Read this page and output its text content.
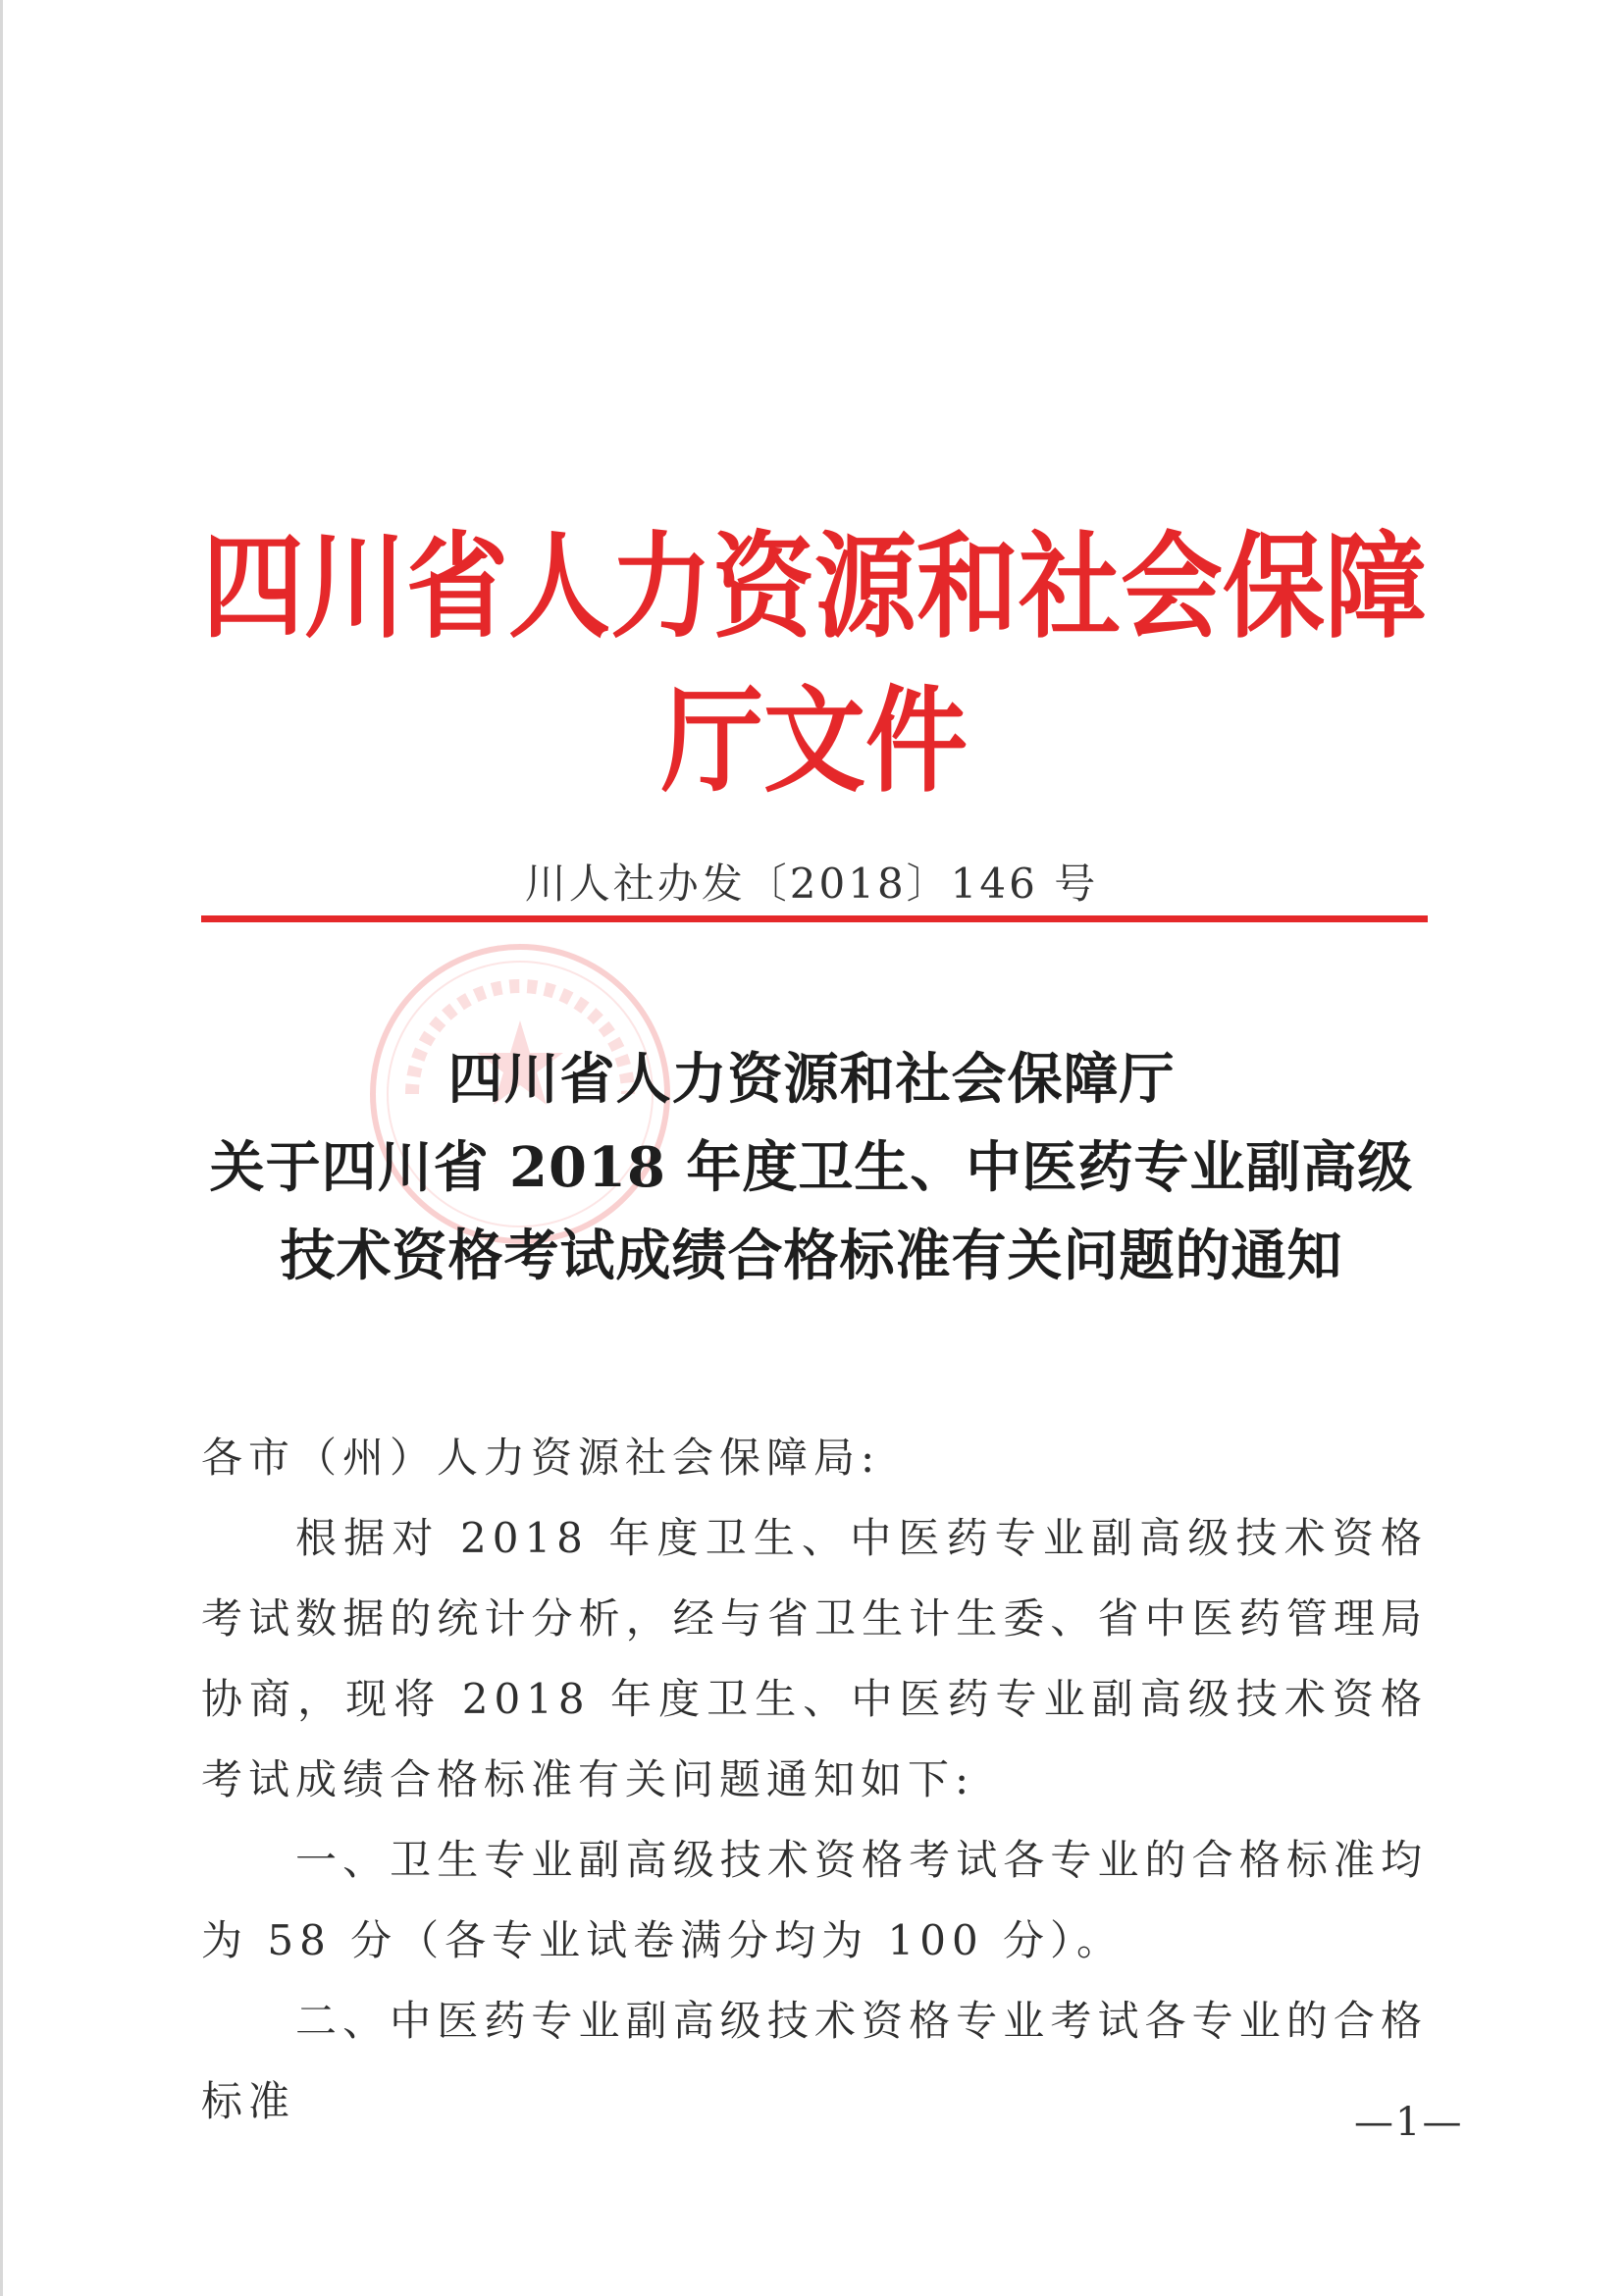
四川省人力资源和社会保障厅文件
川人社办发〔2018〕146 号
四川省人力资源和社会保障厅
关于四川省 2018 年度卫生、中医药专业副高级
技术资格考试成绩合格标准有关问题的通知

各市（州）人力资源社会保障局:

根据对 2018 年度卫生、中医药专业副高级技术资格考试数据的统计分析，经与省卫生计生委、省中医药管理局协商，现将 2018 年度卫生、中医药专业副高级技术资格考试成绩合格标准有关问题通知如下:

一、卫生专业副高级技术资格考试各专业的合格标准均为 58 分（各专业试卷满分均为 100 分）。

二、中医药专业副高级技术资格专业考试各专业的合格标准	—1—
